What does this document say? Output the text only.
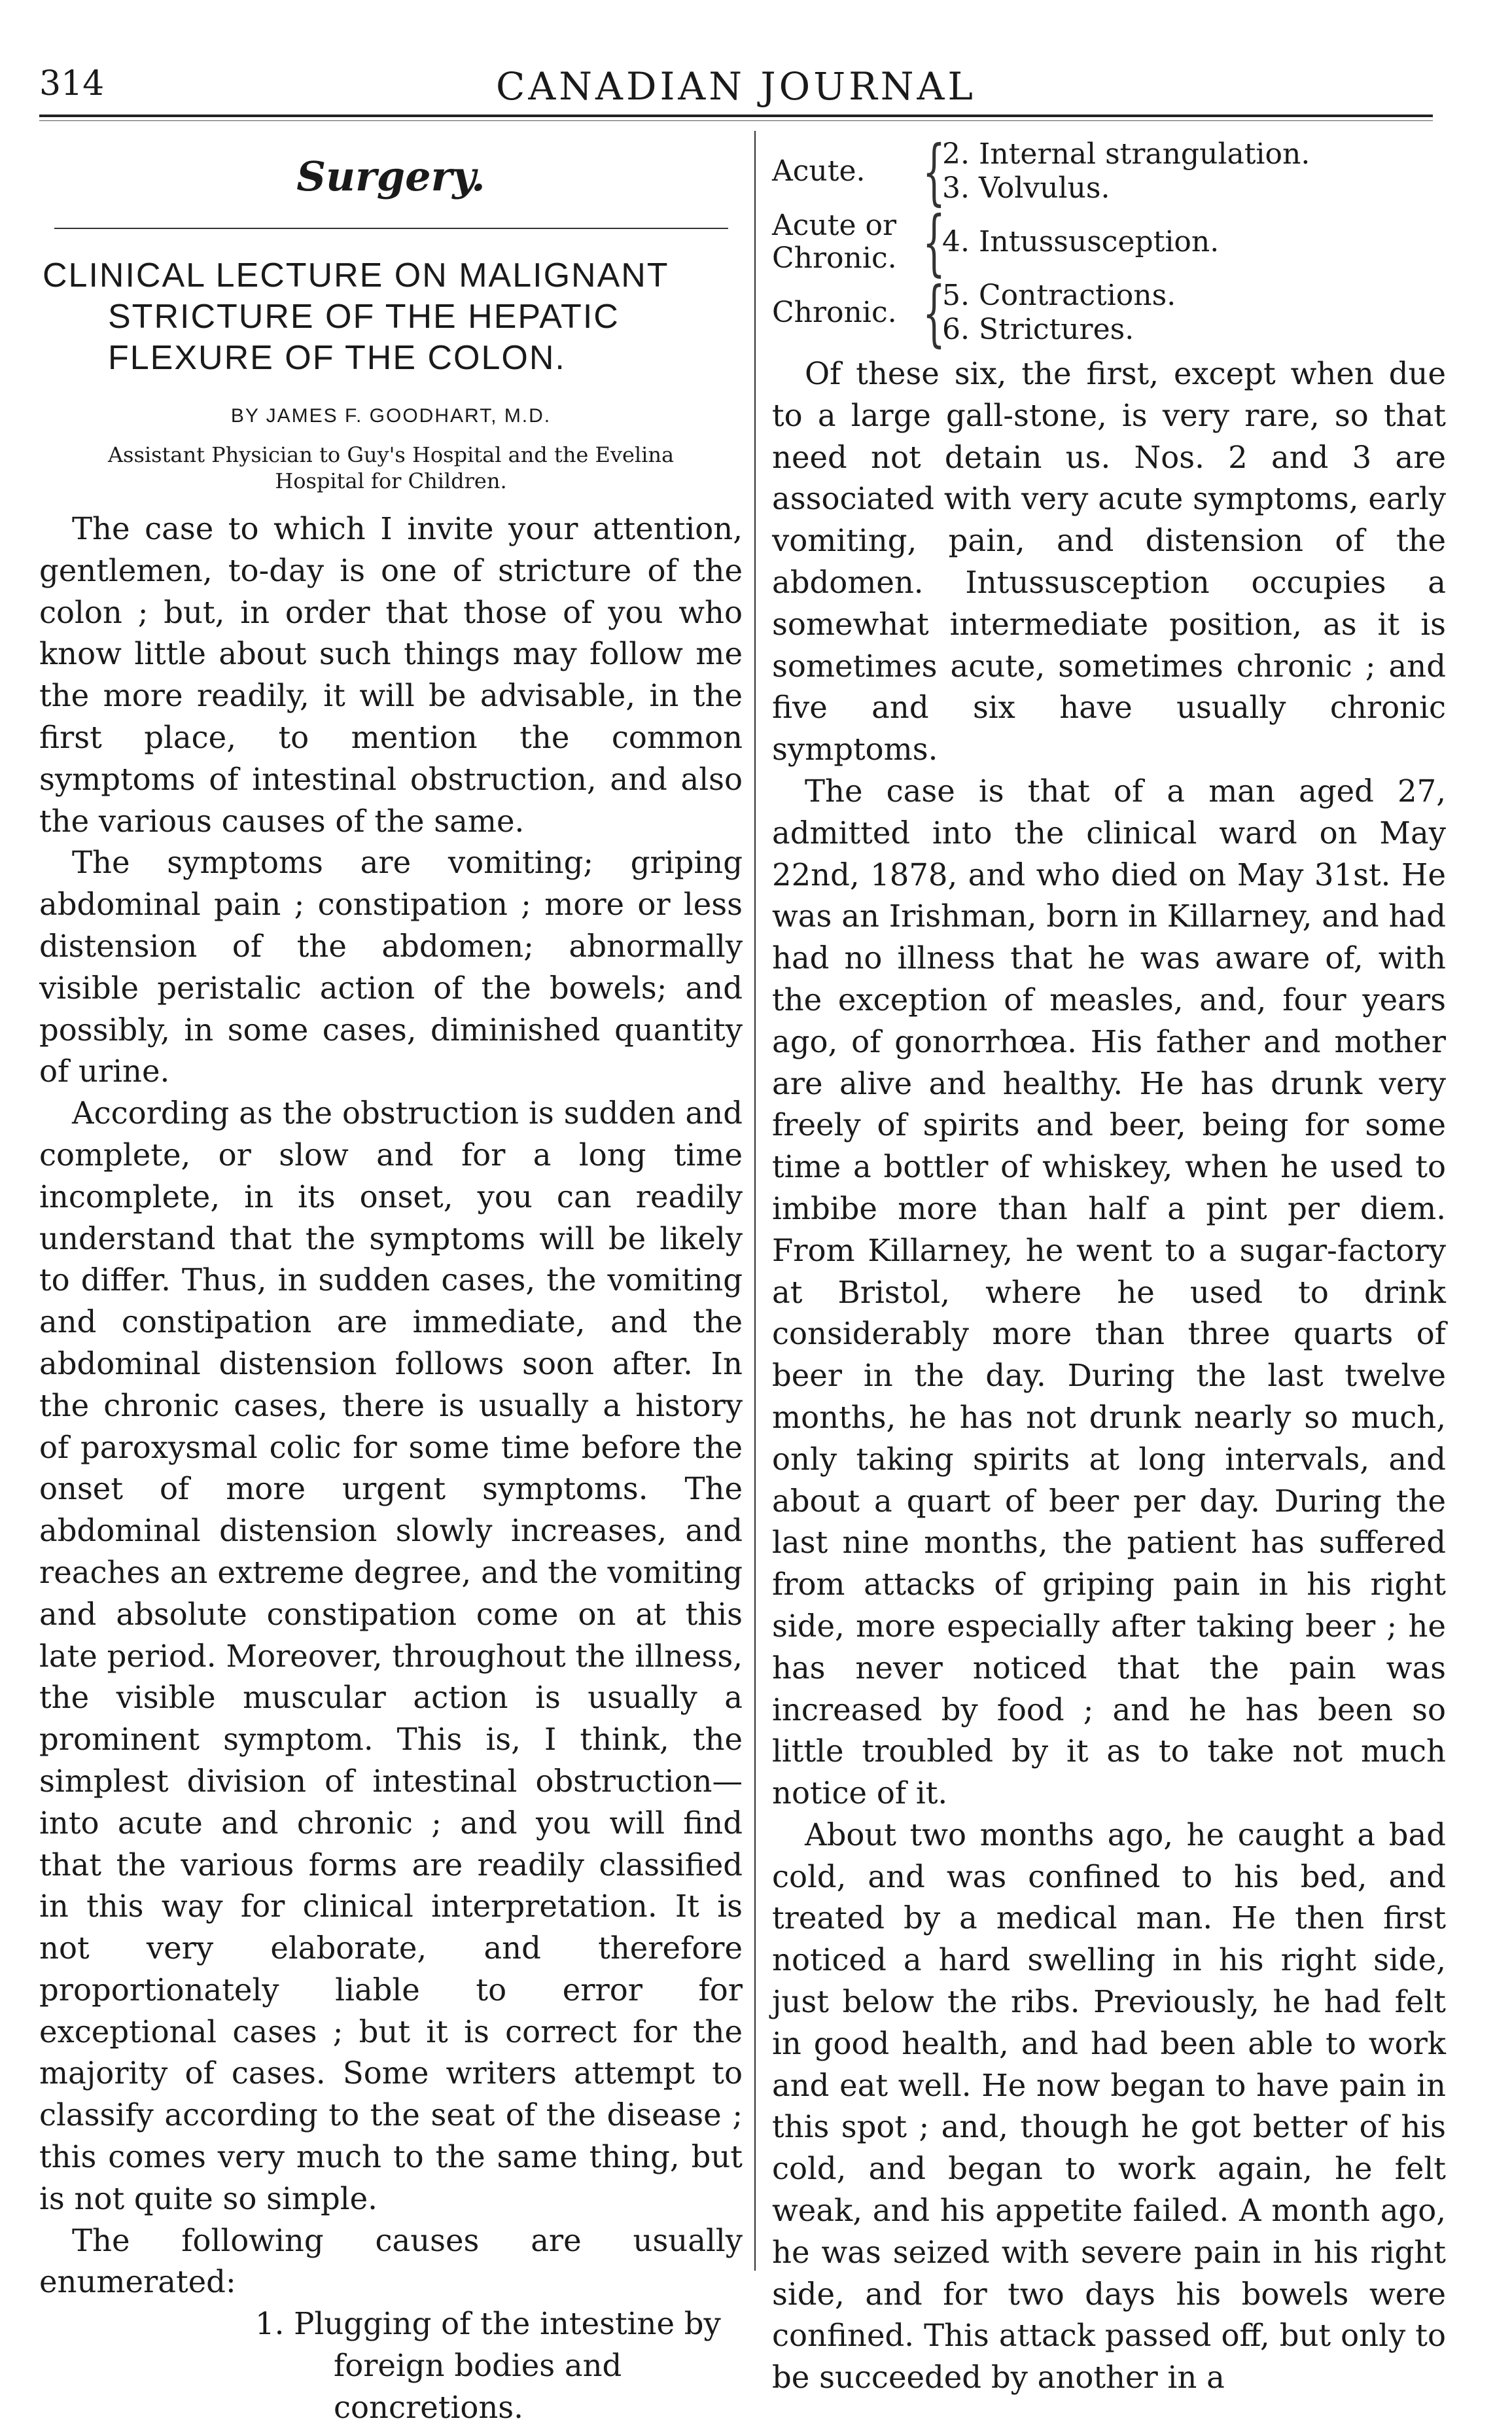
314	CANADIAN JOURNAL
Surgery.
CLINICAL LECTURE ON MALIGNANT
STRICTURE OF THE HEPATIC
FLEXURE OF THE COLON.
BY JAMES F. GOODHART, M.D.
Assistant Physician to Guy's Hospital and the Evelina
Hospital for Children.

The case to which I invite your attention, gentlemen, to-day is one of stricture of the colon ; but, in order that those of you who know little about such things may follow me the more readily, it will be advisable, in the first place, to mention the common symptoms of intestinal obstruction, and also the various causes of the same.

The symptoms are vomiting; griping abdominal pain ; constipation ; more or less distension of the abdomen; abnormally visible peristalic action of the bowels; and possibly, in some cases, diminished quantity of urine.

According as the obstruction is sudden and complete, or slow and for a long time incomplete, in its onset, you can readily understand that the symptoms will be likely to differ. Thus, in sudden cases, the vomiting and constipation are immediate, and the abdominal distension follows soon after. In the chronic cases, there is usually a history of paroxysmal colic for some time before the onset of more urgent symptoms. The abdominal distension slowly increases, and reaches an extreme degree, and the vomiting and absolute constipation come on at this late period. Moreover, throughout the illness, the visible muscular action is usually a prominent symptom. This is, I think, the simplest division of intestinal obstruction—into acute and chronic ; and you will find that the various forms are readily classified in this way for clinical interpretation. It is not very elaborate, and therefore proportionately liable to error for exceptional cases ; but it is correct for the majority of cases. Some writers attempt to classify according to the seat of the disease ; this comes very much to the same thing, but is not quite so simple.

The following causes are usually enumerated:

1. Plugging of the intestine by

foreign bodies and concretions.

Acute. {
2. Internal strangulation.
3. Volvulus.
Acute or Chronic. {
4. Intussusception.
Chronic. {
5. Contractions.
6. Strictures.

Of these six, the first, except when due to a large gall-stone, is very rare, so that need not detain us. Nos. 2 and 3 are associated with very acute symptoms, early vomiting, pain, and distension of the abdomen. Intussusception occupies a somewhat intermediate position, as it is sometimes acute, sometimes chronic ; and five and six have usually chronic symptoms.

The case is that of a man aged 27, admitted into the clinical ward on May 22nd, 1878, and who died on May 31st. He was an Irishman, born in Killarney, and had had no illness that he was aware of, with the exception of measles, and, four years ago, of gonorrhœa. His father and mother are alive and healthy. He has drunk very freely of spirits and beer, being for some time a bottler of whiskey, when he used to imbibe more than half a pint per diem. From Killarney, he went to a sugar-factory at Bristol, where he used to drink considerably more than three quarts of beer in the day. During the last twelve months, he has not drunk nearly so much, only taking spirits at long intervals, and about a quart of beer per day. During the last nine months, the patient has suffered from attacks of griping pain in his right side, more especially after taking beer ; he has never noticed that the pain was increased by food ; and he has been so little troubled by it as to take not much notice of it.

About two months ago, he caught a bad cold, and was confined to his bed, and treated by a medical man. He then first noticed a hard swelling in his right side, just below the ribs. Previously, he had felt in good health, and had been able to work and eat well. He now began to have pain in this spot ; and, though he got better of his cold, and began to work again, he felt weak, and his appetite failed. A month ago, he was seized with severe pain in his right side, and for two days his bowels were confined. This attack passed off, but only to be succeeded by another in a
